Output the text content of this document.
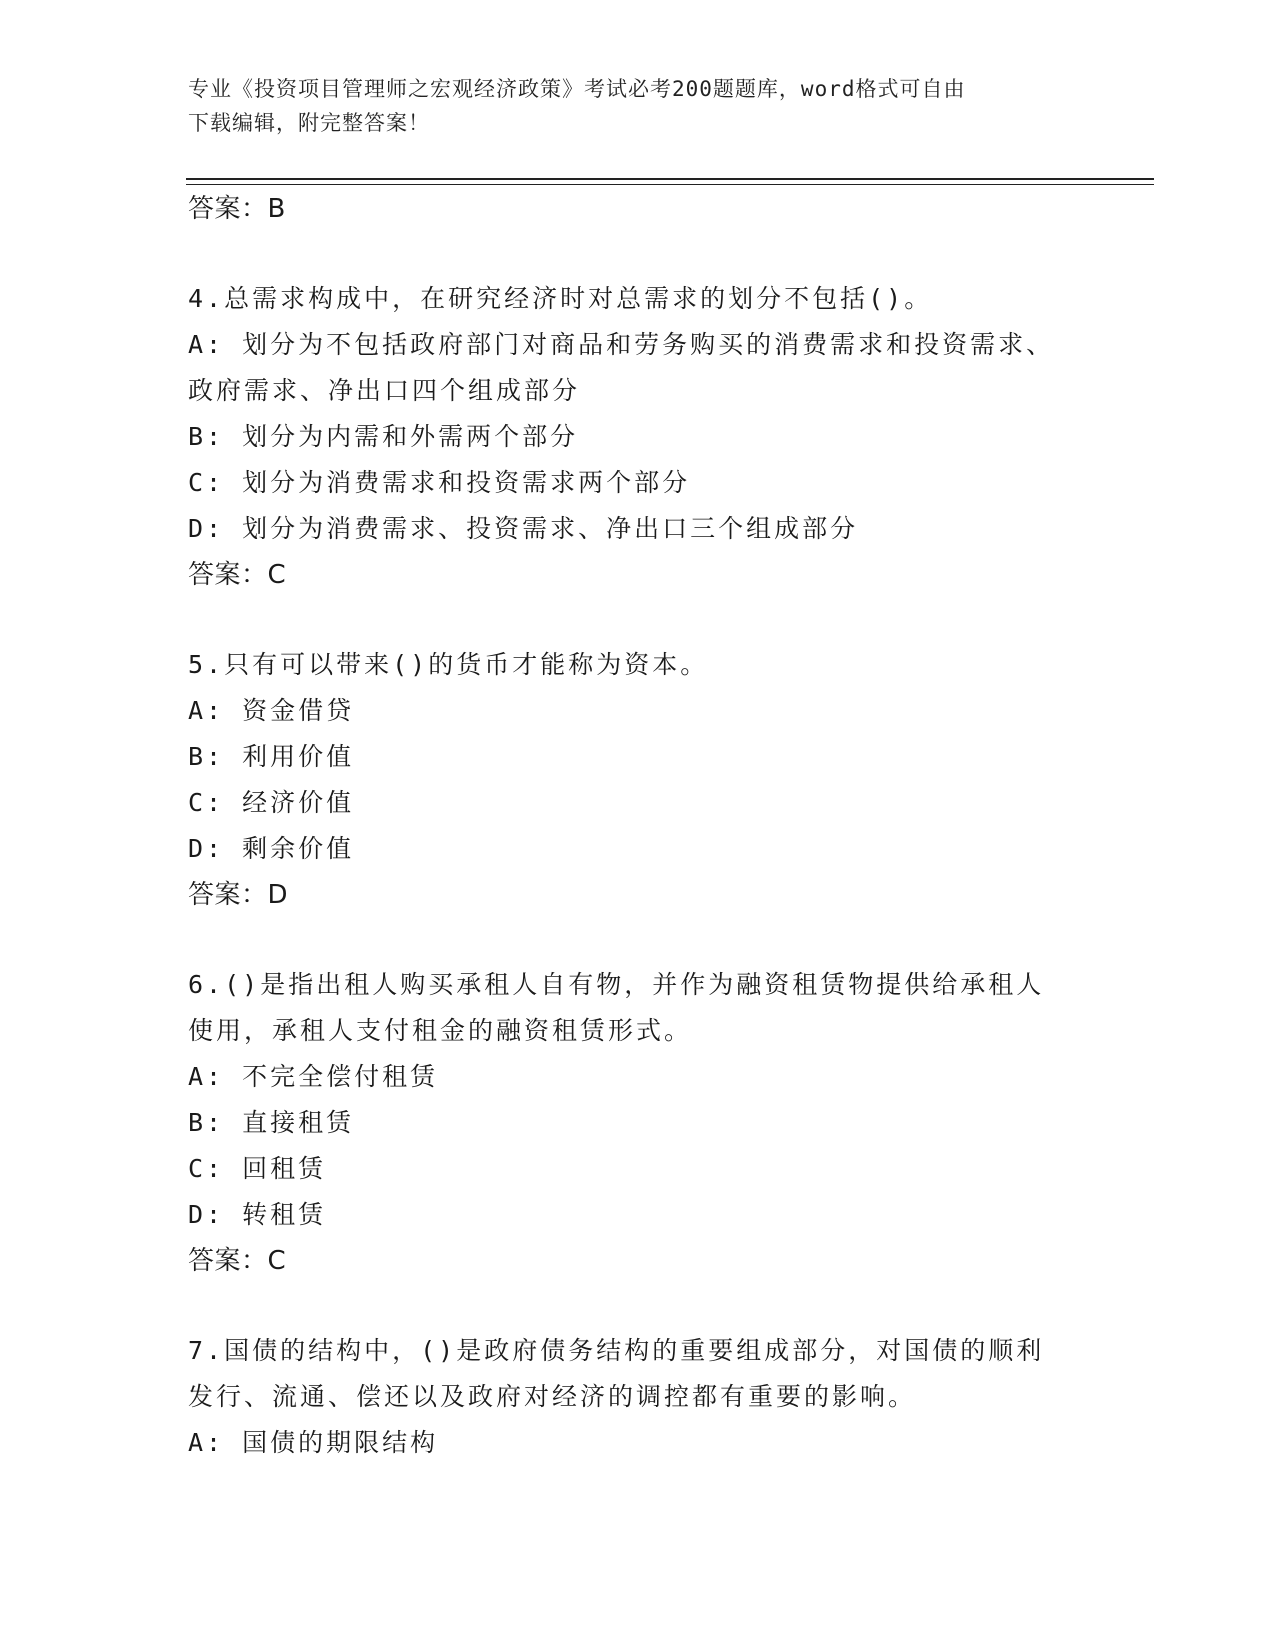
专业《投资项目管理师之宏观经济政策》考试必考200题题库，word格式可自由
下载编辑，附完整答案！
答案：B
4.总需求构成中，在研究经济时对总需求的划分不包括()。
A: 划分为不包括政府部门对商品和劳务购买的消费需求和投资需求、
政府需求、净出口四个组成部分
B: 划分为内需和外需两个部分
C: 划分为消费需求和投资需求两个部分
D: 划分为消费需求、投资需求、净出口三个组成部分
答案：C
5.只有可以带来()的货币才能称为资本。
A: 资金借贷
B: 利用价值
C: 经济价值
D: 剩余价值
答案：D
6.()是指出租人购买承租人自有物，并作为融资租赁物提供给承租人
使用，承租人支付租金的融资租赁形式。
A: 不完全偿付租赁
B: 直接租赁
C: 回租赁
D: 转租赁
答案：C
7.国债的结构中，()是政府债务结构的重要组成部分，对国债的顺利
发行、流通、偿还以及政府对经济的调控都有重要的影响。
A: 国债的期限结构
